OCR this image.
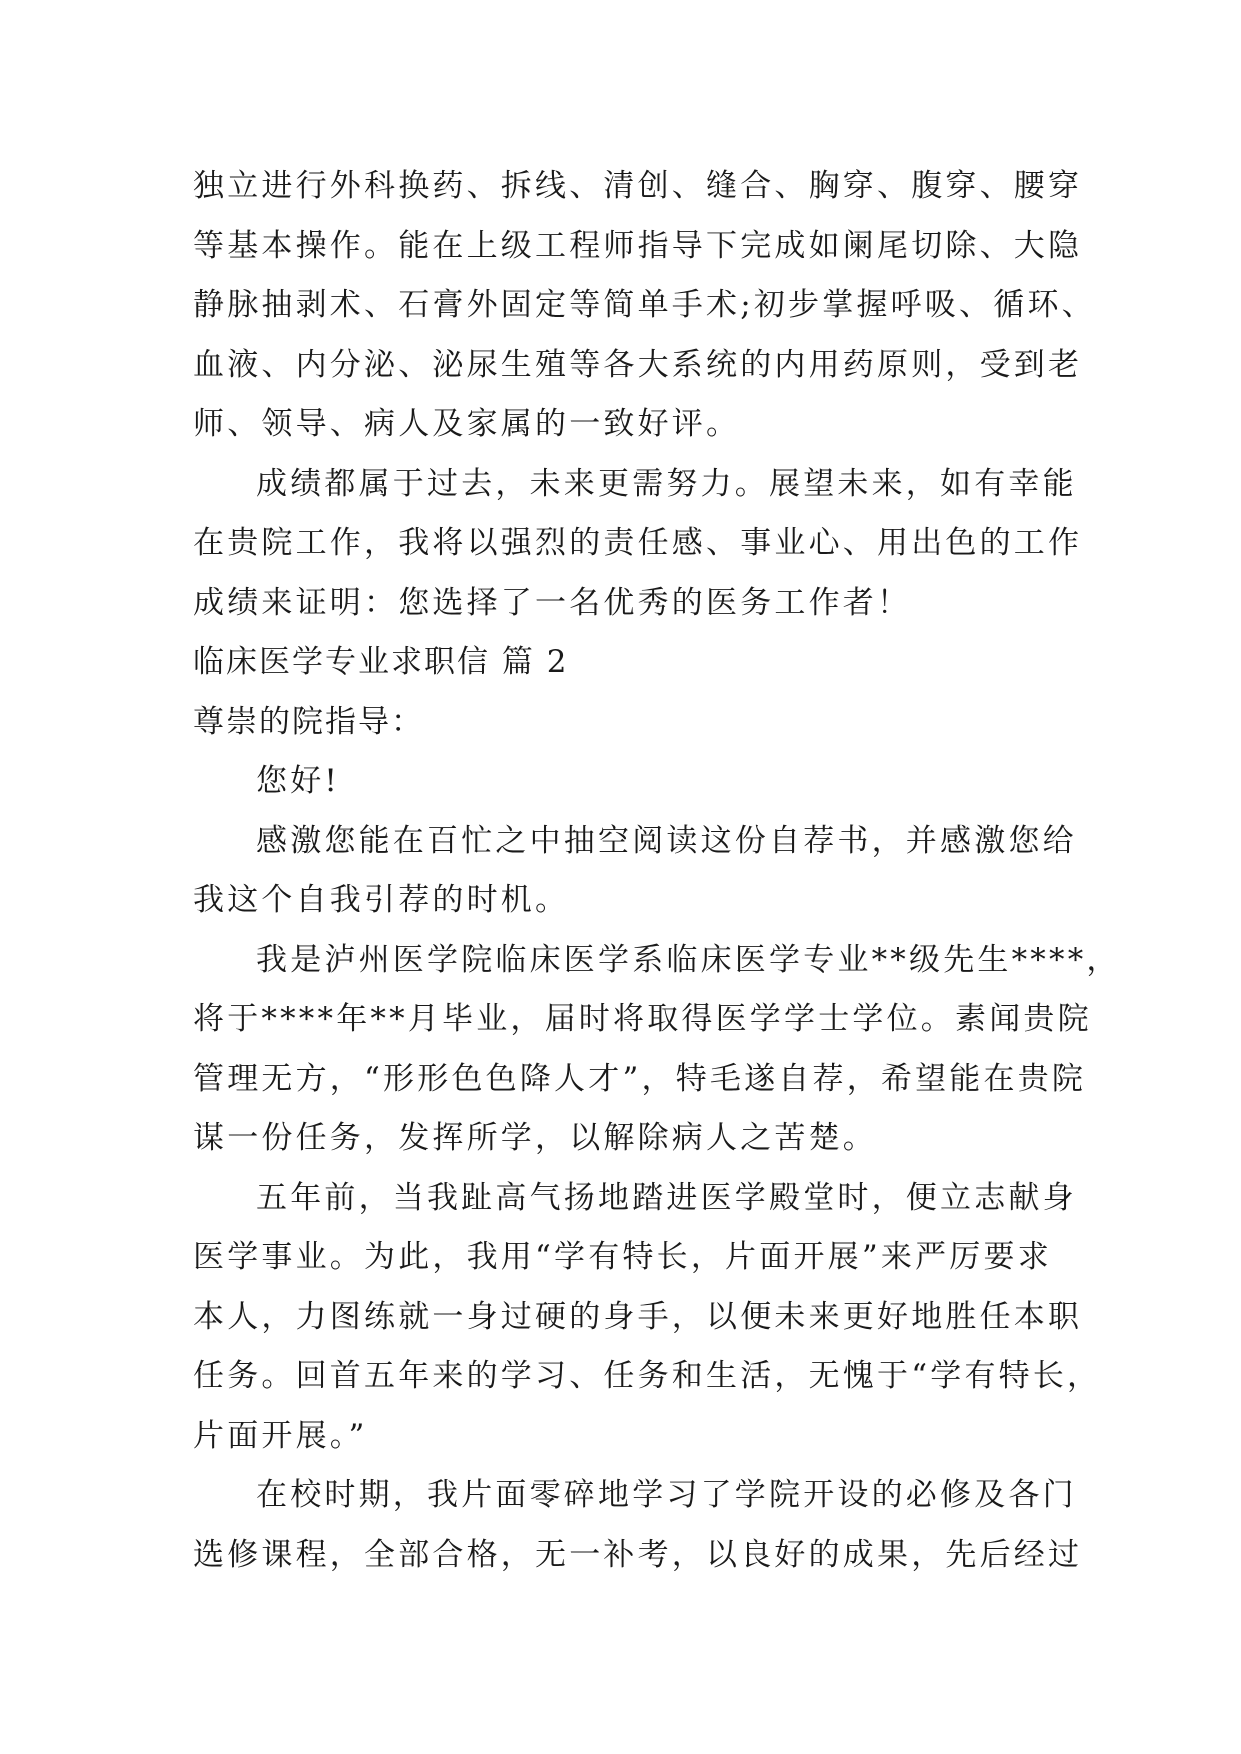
独立进行外科换药、拆线、清创、缝合、胸穿、腹穿、腰穿
等基本操作。能在上级工程师指导下完成如阑尾切除、大隐
静脉抽剥术、石膏外固定等简单手术;初步掌握呼吸、循环、
血液、内分泌、泌尿生殖等各大系统的内用药原则，受到老
师、领导、病人及家属的一致好评。
成绩都属于过去，未来更需努力。展望未来，如有幸能
在贵院工作，我将以强烈的责任感、事业心、用出色的工作
成绩来证明：您选择了一名优秀的医务工作者！
临床医学专业求职信 篇 2
尊崇的院指导：
您好!
感激您能在百忙之中抽空阅读这份自荐书，并感激您给
我这个自我引荐的时机。
我是泸州医学院临床医学系临床医学专业**级先生****，
将于****年**月毕业，届时将取得医学学士学位。素闻贵院
管理无方，“形形色色降人才”，特毛遂自荐，希望能在贵院
谋一份任务，发挥所学，以解除病人之苦楚。
五年前，当我趾高气扬地踏进医学殿堂时，便立志献身
医学事业。为此，我用“学有特长，片面开展”来严厉要求
本人，力图练就一身过硬的身手，以便未来更好地胜任本职
任务。回首五年来的学习、任务和生活，无愧于“学有特长，
片面开展。”
在校时期，我片面零碎地学习了学院开设的必修及各门
选修课程，全部合格，无一补考，以良好的成果，先后经过
